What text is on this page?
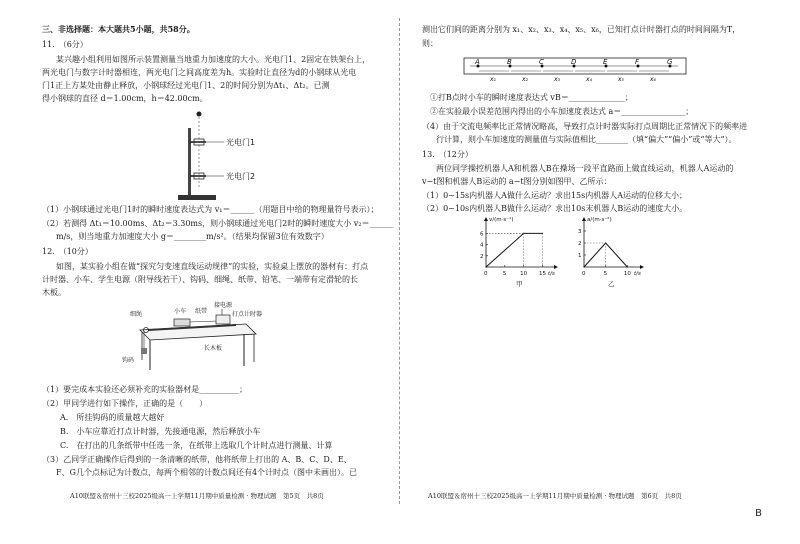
三、非选择题：本大题共5小题，共58分。
11.　（6分）
某兴趣小组利用如图所示装置测量当地重力加速度的大小。光电门1、2固定在铁架台上，
两光电门与数字计时器相连，两光电门之间高度差为h。实验时让直径为d的小钢球从光电
门1正上方某处由静止释放，小钢球经过光电门1、2的时间分别为Δt₁、Δt₂。已测
得小钢球的直径 d＝1.00cm，h＝42.00cm。
光电门1
光电门2
（1）小钢球通过光电门1时的瞬时速度表达式为 v₁＝______（用题目中给的物理量符号表示）；
（2）若测得 Δt₁＝10.00ms、Δt₂＝3.30ms，则小钢球通过光电门2时的瞬时速度大小 v₂＝______
m/s，则当地重力加速度大小 g＝________m/s²。（结果均保留3位有效数字）
12.　（10分）
如图，某实验小组在做“探究匀变速直线运动规律”的实验，实验桌上摆放的器材有：打点
计时器、小车、学生电源（附导线若干）、钩码、细绳、纸带、铅笔、一端带有定滑轮的长
木板。
细绳	小车 纸带
接电源
打点计时器
长木板
钩码
（1）要完成本实验还必须补充的实验器材是__________；
（2）甲同学进行如下操作，正确的是（　　）
A.　所挂钩码的质量越大越好
B.　小车应靠近打点计时器，先接通电源，然后释放小车
C.　在打出的几条纸带中任选一条，在纸带上选取几个计时点进行测量、计算
（3）乙同学正确操作后得到的一条清晰的纸带，他将纸带上打出的 A、B、C、D、E、
F、G几个点标记为计数点，每两个相邻的计数点间还有4个计时点（图中未画出）。已
A10联盟＆宿州十三校2025级高一上学期11月期中质量检测 · 物理试题　第5页　共8页
测出它们间的距离分别为 x₁、x₂、x₃、x₄、x₅、x₆，已知打点计时器打点的时间间隔为T，
则：
A	B	C	D	E	F	G
x₁	x₂	x₃	x₄	x₅	x₆
①打B点时小车的瞬时速度表达式 vB＝______________；
②在实验最小误差范围内得出的小车加速度表达式 a＝________________；
（4）由于交流电频率比正常情况略高，导致打点计时器实际打点周期比正常情况下的频率进
行计算，则小车加速度的测量值与实际值相比________（填“偏大”“偏小”或“等大”）。
13.　（12分）
两位同学操控机器人A和机器人B在操场一段平直路面上做直线运动，机器人A运动的
v−t图和机器人B运动的 a−t图分别如图甲、乙所示：
（1）0~15s内机器人A做什么运动？求出15s内机器人A运动的位移大小；
（2）0~10s内机器人B做什么运动？求出10s末机器人B运动的速度大小。
0	5	10 15
2
4
6
v/(m·s⁻¹)
t/s
甲
0	5	10
1
2
3
a/(m·s⁻²)
t/s
乙
A10联盟＆宿州十三校2025级高一上学期11月期中质量检测 · 物理试题　第6页　共8页
B
